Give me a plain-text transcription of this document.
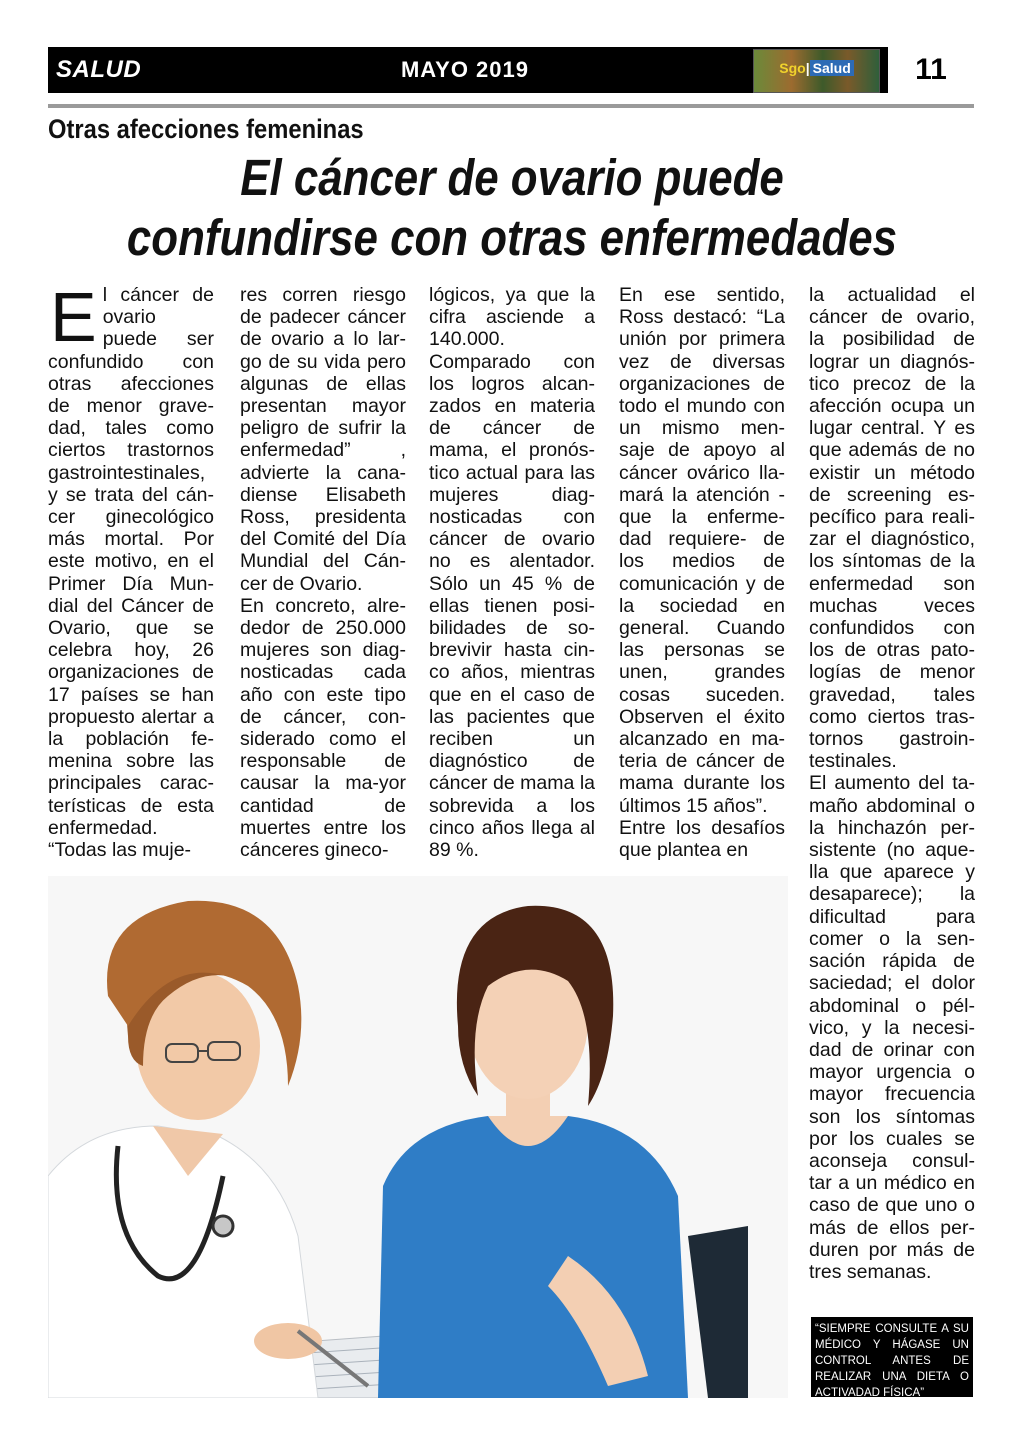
SALUD	MAYO 2019	Sgo| Salud	11
Otras afecciones femeninas
El cáncer de ovario puede
confundirse con otras enfermedades
E l cáncer de ovario puede ser confundido con otras afecciones de menor grave-dad, tales como ciertos trastornos gastrointestinales, y se trata del cán-cer ginecológico más mortal. Por este motivo, en el Primer Día Mun-dial del Cáncer de Ovario, que se celebra hoy, 26 organizaciones de 17 países se han propuesto alertar a la población fe-menina sobre las principales carac-terísticas de esta enfermedad.

“Todas las muje-

res corren riesgo de padecer cáncer de ovario a lo lar-go de su vida pero algunas de ellas presentan mayor peligro de sufrir la enfermedad” , advierte la cana-diense Elisabeth Ross, presidenta del Comité del Día Mundial del Cán-cer de Ovario.

En concreto, alre-dedor de 250.000 mujeres son diag-nosticadas cada año con este tipo de cáncer, con-siderado como el responsable de causar la ma-yor cantidad de muertes entre los cánceres gineco-

lógicos, ya que la cifra asciende a 140.000.

Comparado con los logros alcan-zados en materia de cáncer de mama, el pronós-tico actual para las mujeres diag-nosticadas con cáncer de ovario no es alentador. Sólo un 45 % de ellas tienen posi-bilidades de so-brevivir hasta cin-co años, mientras que en el caso de las pacientes que reciben un diagnóstico de cáncer de mama la sobrevida a los cinco años llega al 89 %.

En ese sentido, Ross destacó: “La unión por primera vez de diversas organizaciones de todo el mundo con un mismo men-saje de apoyo al cáncer ovárico lla-mará la atención -que la enferme-dad requiere- de los medios de comunicación y de la sociedad en general. Cuando las personas se unen, grandes cosas suceden. Observen el éxito alcanzado en ma-teria de cáncer de mama durante los últimos 15 años”.

Entre los desafíos que plantea en

la actualidad el cáncer de ovario, la posibilidad de lograr un diagnós-tico precoz de la afección ocupa un lugar central. Y es que además de no existir un método de screening es-pecífico para reali-zar el diagnóstico, los síntomas de la enfermedad son muchas veces confundidos con los de otras pato-logías de menor gravedad, tales como ciertos tras-tornos gastroin-testinales.

El aumento del ta-maño abdominal o la hinchazón per-sistente (no aque-lla que aparece y desaparece); la dificultad para comer o la sen-sación rápida de saciedad; el dolor abdominal o pél-vico, y la necesi-dad de orinar con mayor urgencia o mayor frecuencia son los síntomas por los cuales se aconseja consul-tar a un médico en caso de que uno o más de ellos per-duren por más de tres semanas.

“SIEMPRE CONSULTE A SU MÉDICO Y HÁGASE UN CONTROL ANTES DE REALIZAR UNA DIETA O ACTIVADAD FÍSICA”
